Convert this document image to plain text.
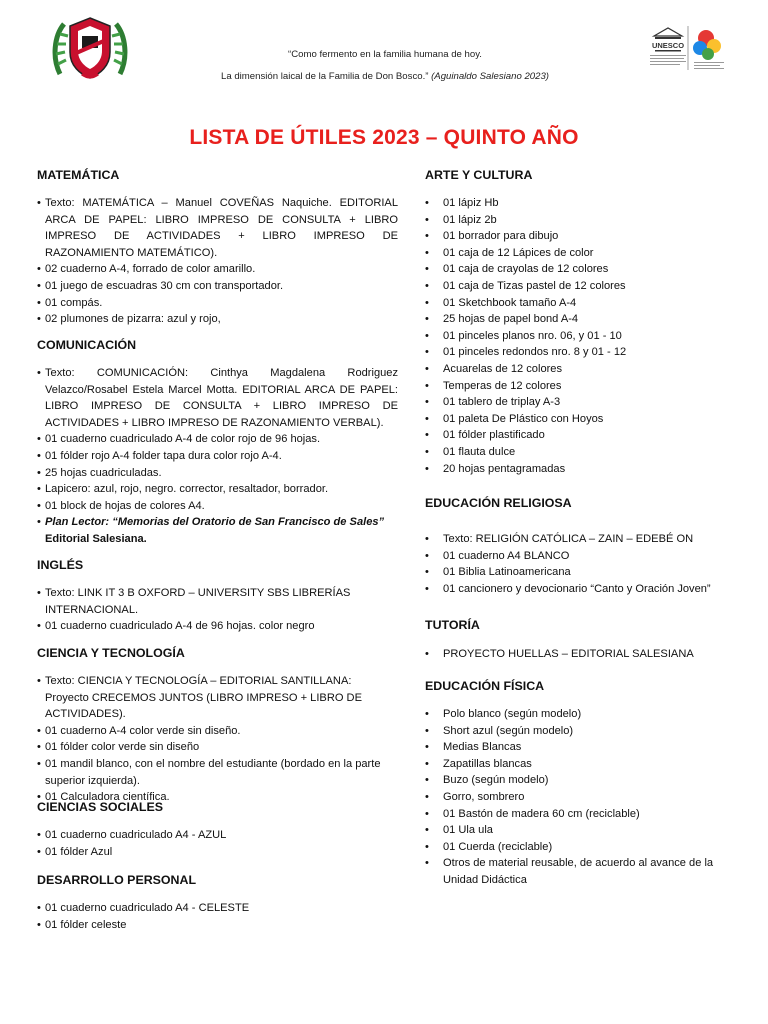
“Como fermento en la familia humana de hoy.
La dimensión laical de la Familia de Don Bosco.” (Aguinaldo Salesiano 2023)
UNESCO
LISTA DE ÚTILES 2023 – QUINTO AÑO
MATEMÁTICA
• Texto: MATEMÁTICA – Manuel COVEÑAS Naquiche. EDITORIAL ARCA DE PAPEL: LIBRO IMPRESO DE CONSULTA + LIBRO IMPRESO DE ACTIVIDADES + LIBRO IMPRESO DE RAZONAMIENTO MATEMÁTICO).
• 02 cuaderno A-4, forrado de color amarillo.
• 01 juego de escuadras 30 cm con transportador.
• 01 compás.
• 02 plumones de pizarra: azul y rojo,
COMUNICACIÓN
• Texto: COMUNICACIÓN: Cinthya Magdalena Rodriguez Velazco/Rosabel Estela Marcel Motta. EDITORIAL ARCA DE PAPEL: LIBRO IMPRESO DE CONSULTA + LIBRO IMPRESO DE ACTIVIDADES + LIBRO IMPRESO DE RAZONAMIENTO VERBAL).
• 01 cuaderno cuadriculado A-4 de color rojo de 96 hojas.
• 01 fólder rojo A-4 folder tapa dura color rojo A-4.
• 25 hojas cuadriculadas.
• Lapicero: azul, rojo, negro. corrector, resaltador, borrador.
• 01 block de hojas de colores A4.
• Plan Lector: “Memorias del Oratorio de San Francisco de Sales”
Editorial Salesiana.
INGLÉS
• Texto: LINK IT 3 B OXFORD – UNIVERSITY SBS LIBRERÍAS INTERNACIONAL.
• 01 cuaderno cuadriculado A-4 de 96 hojas. color negro
CIENCIA Y TECNOLOGÍA
• Texto: CIENCIA Y TECNOLOGÍA – EDITORIAL SANTILLANA: Proyecto CRECEMOS JUNTOS (LIBRO IMPRESO + LIBRO DE ACTIVIDADES).
• 01 cuaderno A-4 color verde sin diseño.
• 01 fólder color verde sin diseño
• 01 mandil blanco, con el nombre del estudiante (bordado en la parte superior izquierda).
• 01 Calculadora científica.
CIENCIAS SOCIALES
• 01 cuaderno cuadriculado A4 - AZUL
• 01 fólder Azul
DESARROLLO PERSONAL
• 01 cuaderno cuadriculado A4 - CELESTE
• 01 fólder celeste
ARTE Y CULTURA
• 01 lápiz Hb
• 01 lápiz 2b
• 01 borrador para dibujo
• 01 caja de 12 Lápices de color
• 01 caja de crayolas de 12 colores
• 01 caja de Tizas pastel de 12 colores
• 01 Sketchbook tamaño A-4
• 25 hojas de papel bond A-4
• 01 pinceles planos nro. 06, y 01 - 10
• 01 pinceles redondos nro. 8 y 01 - 12
• Acuarelas de 12 colores
• Temperas de 12 colores
• 01 tablero de triplay A-3
• 01 paleta De Plástico con Hoyos
• 01 fólder plastificado
• 01 flauta dulce
• 20 hojas pentagramadas
EDUCACIÓN RELIGIOSA
• Texto: RELIGIÓN CATÓLICA – ZAIN – EDEBÉ ON
• 01 cuaderno A4 BLANCO
• 01 Biblia Latinoamericana
• 01 cancionero y devocionario “Canto y Oración Joven”
TUTORÍA
• PROYECTO HUELLAS – EDITORIAL SALESIANA
EDUCACIÓN FÍSICA
• Polo blanco (según modelo)
• Short azul (según modelo)
• Medias Blancas
• Zapatillas blancas
• Buzo (según modelo)
• Gorro, sombrero
• 01 Bastón de madera 60 cm (reciclable)
• 01 Ula ula
• 01 Cuerda (reciclable)
• Otros de material reusable, de acuerdo al avance de la Unidad Didáctica
